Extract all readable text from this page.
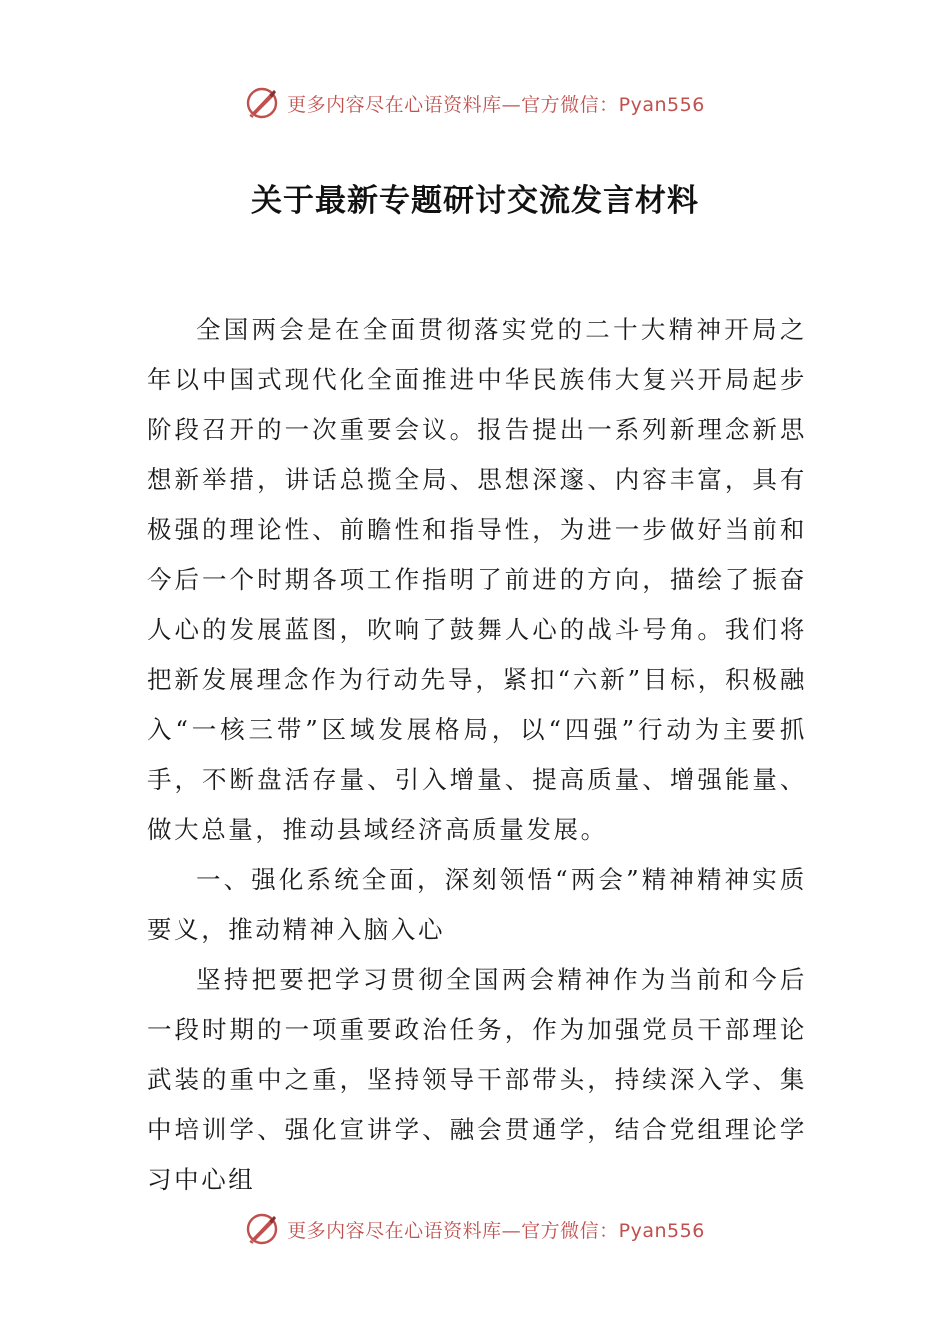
更多内容尽在心语资料库—官方微信：Pyan556
关于最新专题研讨交流发言材料

全国两会是在全面贯彻落实党的二十大精神开局之年以中国式现代化全面推进中华民族伟大复兴开局起步阶段召开的一次重要会议。报告提出一系列新理念新思想新举措，讲话总揽全局、思想深邃、内容丰富，具有极强的理论性、前瞻性和指导性，为进一步做好当前和今后一个时期各项工作指明了前进的方向，描绘了振奋人心的发展蓝图，吹响了鼓舞人心的战斗号角。我们将把新发展理念作为行动先导，紧扣“六新”目标，积极融入“一核三带”区域发展格局，以“四强”行动为主要抓手，不断盘活存量、引入增量、提高质量、增强能量、做大总量，推动县域经济高质量发展。

一、强化系统全面，深刻领悟“两会”精神精神实质要义，推动精神入脑入心

坚持把要把学习贯彻全国两会精神作为当前和今后一段时期的一项重要政治任务，作为加强党员干部理论武装的重中之重，坚持领导干部带头，持续深入学、集中培训学、强化宣讲学、融会贯通学，结合党组理论学习中心组

更多内容尽在心语资料库—官方微信：Pyan556
